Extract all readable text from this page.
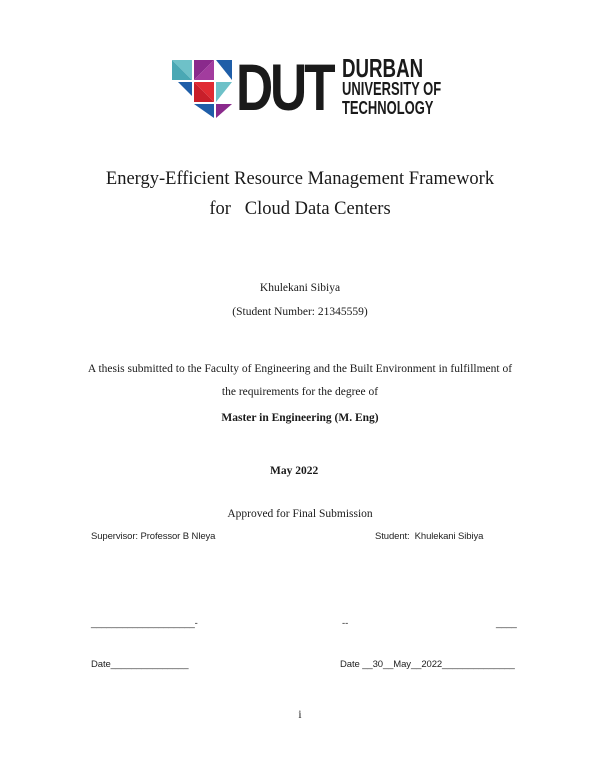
DUT DURBAN
UNIVERSITY OF
TECHNOLOGY
Energy-Efficient Resource Management Framework
for   Cloud Data Centers
Khulekani Sibiya
(Student Number: 21345559)
A thesis submitted to the Faculty of Engineering and the Built Environment in fulfillment of
the requirements for the degree of
Master in Engineering (M. Eng)
May 2022
Approved for Final Submission
Supervisor: Professor B Nleya	Student:  Khulekani Sibiya
____________________-	--	____
Date_______________	Date __30__May__2022______________
i
